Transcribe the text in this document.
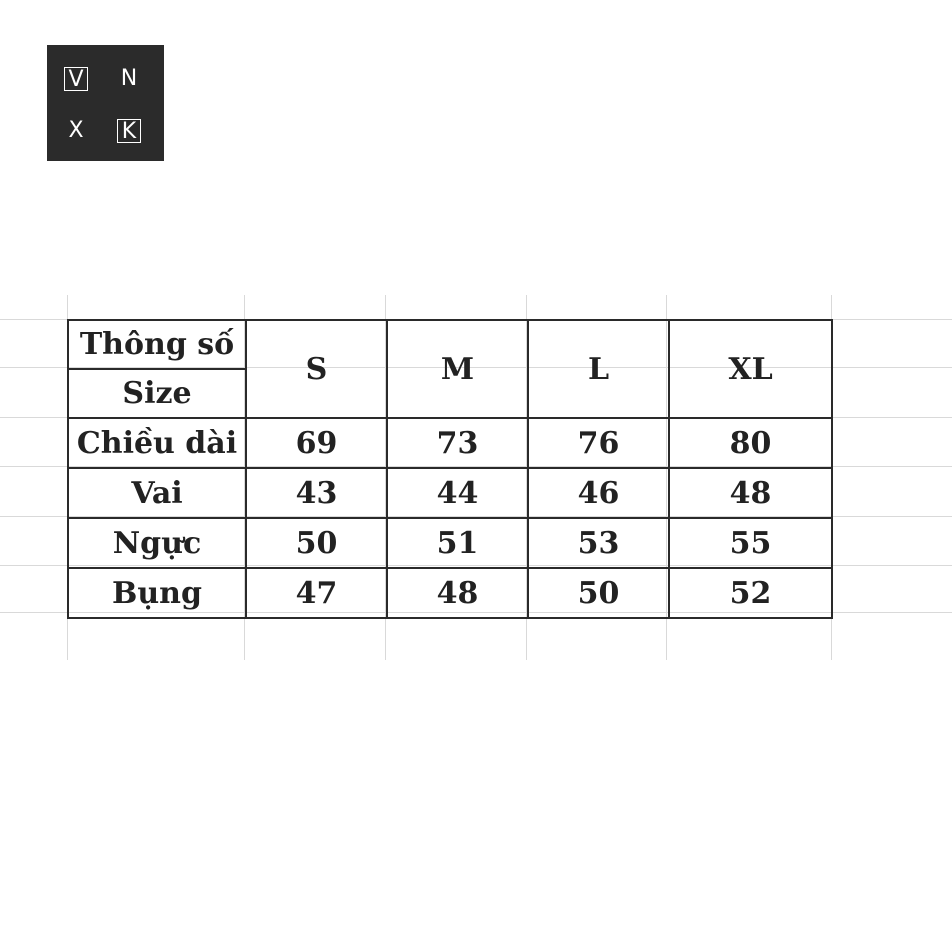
V N
X K
Thông số
Size	S	M	L	XL
Chiều dài	69	73	76	80
Vai	43	44	46	48
Ngực	50	51	53	55
Bụng	47	48	50	52
